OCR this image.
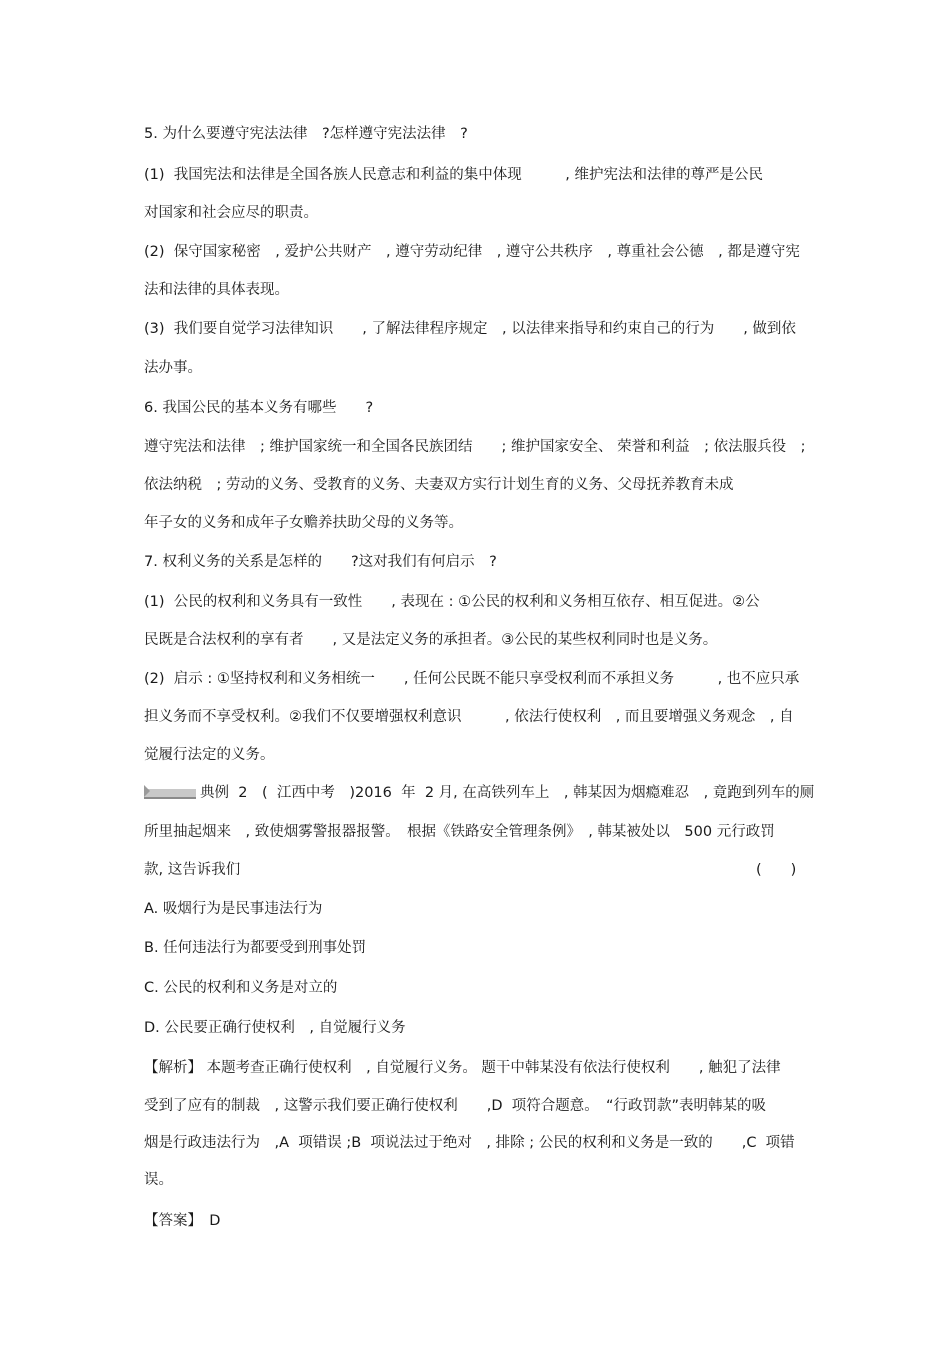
5. 为什么要遵守宪法法律　?怎样遵守宪法法律　?
(1)  我国宪法和法律是全国各族人民意志和利益的集中体现　　　, 维护宪法和法律的尊严是公民
对国家和社会应尽的职责。
(2)  保守国家秘密　, 爱护公共财产　, 遵守劳动纪律　, 遵守公共秩序　, 尊重社会公德　, 都是遵守宪
法和法律的具体表现。
(3)  我们要自觉学习法律知识　　, 了解法律程序规定　, 以法律来指导和约束自己的行为　　, 做到依
法办事。
6. 我国公民的基本义务有哪些　　?
遵守宪法和法律　; 维护国家统一和全国各民族团结　　; 维护国家安全、 荣誉和利益　; 依法服兵役　;
依法纳税　; 劳动的义务、受教育的义务、夫妻双方实行计划生育的义务、父母抚养教育未成
年子女的义务和成年子女赡养扶助父母的义务等。
7. 权利义务的关系是怎样的　　?这对我们有何启示　?
(1)  公民的权利和义务具有一致性　　, 表现在 : ①公民的权利和义务相互依存、相互促进。②公
民既是合法权利的享有者　　, 又是法定义务的承担者。③公民的某些权利同时也是义务。
(2)  启示 : ①坚持权利和义务相统一　　, 任何公民既不能只享受权利而不承担义务　　　, 也不应只承
担义务而不享受权利。②我们不仅要增强权利意识　　　, 依法行使权利　, 而且要增强义务观念　, 自
觉履行法定的义务。
典例  2　(  江西中考　)2016  年  2 月, 在高铁列车上　, 韩某因为烟瘾难忍　, 竟跑到列车的厕
所里抽起烟来　, 致使烟雾警报器报警。　根据《铁路安全管理条例》　, 韩某被处以　500 元行政罚
款, 这告诉我们	(　　)
A. 吸烟行为是民事违法行为
B. 任何违法行为都要受到刑事处罚
C. 公民的权利和义务是对立的
D. 公民要正确行使权利　, 自觉履行义务
【解析】 本题考查正确行使权利　, 自觉履行义务。 题干中韩某没有依法行使权利　　, 触犯了法律
受到了应有的制裁　, 这警示我们要正确行使权利　　,D  项符合题意。　“行政罚款”表明韩某的吸
烟是行政违法行为　,A  项错误 ;B  项说法过于绝对　, 排除 ; 公民的权利和义务是一致的　　,C  项错
误。
【答案】　D
